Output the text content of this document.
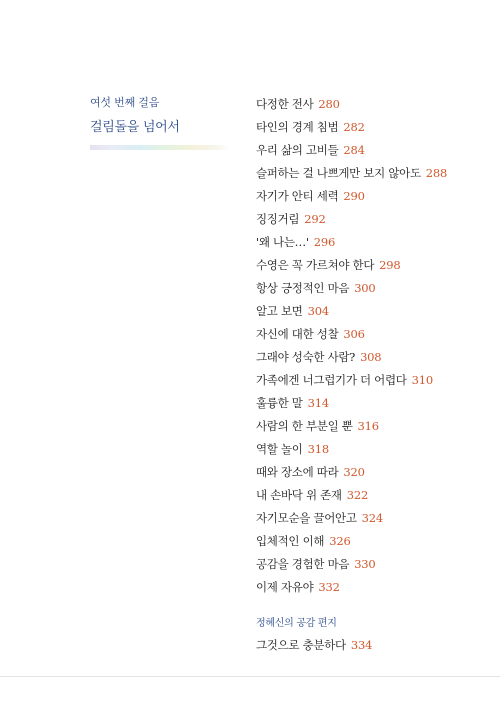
여섯 번째 걸음
걸림돌을 넘어서
다정한 전사 280
타인의 경계 침범 282
우리 삶의 고비들 284
슬퍼하는 걸 나쁘게만 보지 않아도 288
자기가 안티 세력 290
징징거림 292
'왜 나는…' 296
수영은 꼭 가르쳐야 한다 298
항상 긍정적인 마음 300
알고 보면 304
자신에 대한 성찰 306
그래야 성숙한 사람? 308
가족에겐 너그럽기가 더 어렵다 310
훌륭한 말 314
사람의 한 부분일 뿐 316
역할 놀이 318
때와 장소에 따라 320
내 손바닥 위 존재 322
자기모순을 끌어안고 324
입체적인 이해 326
공감을 경험한 마음 330
이제 자유야 332
정혜신의 공감 편지
그것으로 충분하다 334
